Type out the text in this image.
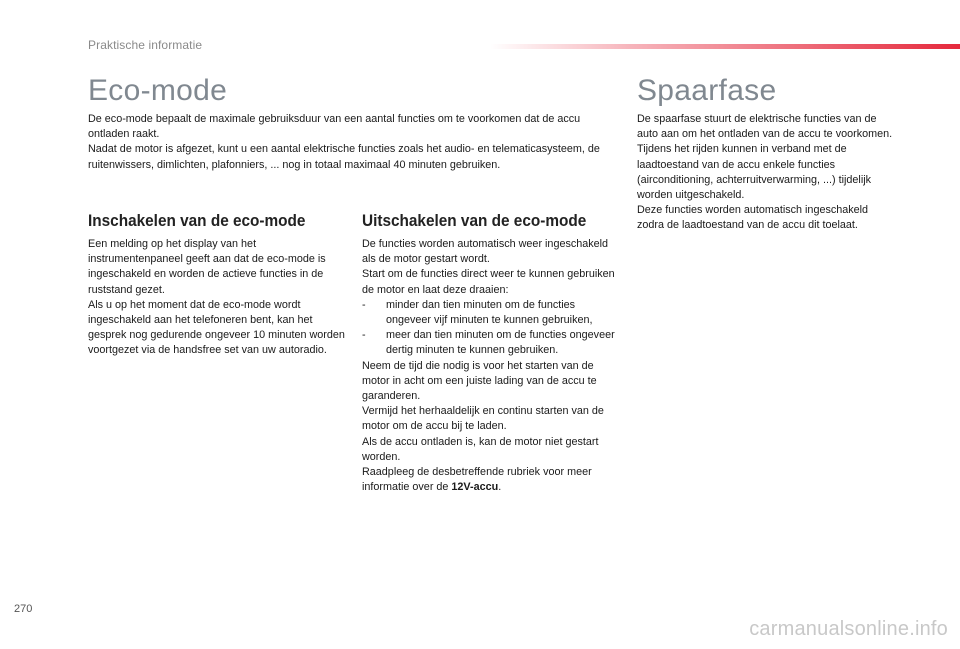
Praktische informatie
Eco-mode

De eco-mode bepaalt de maximale gebruiksduur van een aantal functies om te voorkomen dat de accu ontladen raakt.

Nadat de motor is afgezet, kunt u een aantal elektrische functies zoals het audio- en telematicasysteem, de ruitenwissers, dimlichten, plafonniers, ... nog in totaal maximaal 40 minuten gebruiken.

Inschakelen van de eco-mode

Een melding op het display van het instrumentenpaneel geeft aan dat de eco-mode is ingeschakeld en worden de actieve functies in de ruststand gezet.

Als u op het moment dat de eco-mode wordt ingeschakeld aan het telefoneren bent, kan het gesprek nog gedurende ongeveer 10 minuten worden voortgezet via de handsfree set van uw autoradio.

Uitschakelen van de eco-mode

De functies worden automatisch weer ingeschakeld als de motor gestart wordt.

Start om de functies direct weer te kunnen gebruiken de motor en laat deze draaien:

-	minder dan tien minuten om de functies ongeveer vijf minuten te kunnen gebruiken,
-	meer dan tien minuten om de functies ongeveer dertig minuten te kunnen gebruiken.

Neem de tijd die nodig is voor het starten van de motor in acht om een juiste lading van de accu te garanderen.

Vermijd het herhaaldelijk en continu starten van de motor om de accu bij te laden.

Als de accu ontladen is, kan de motor niet gestart worden.

Raadpleeg de desbetreffende rubriek voor meer informatie over de 12V-accu.

Spaarfase

De spaarfase stuurt de elektrische functies van de auto aan om het ontladen van de accu te voorkomen.

Tijdens het rijden kunnen in verband met de laadtoestand van de accu enkele functies (airconditioning, achterruitverwarming, ...) tijdelijk worden uitgeschakeld.

Deze functies worden automatisch ingeschakeld zodra de laadtoestand van de accu dit toelaat.

270
carmanualsonline.info
